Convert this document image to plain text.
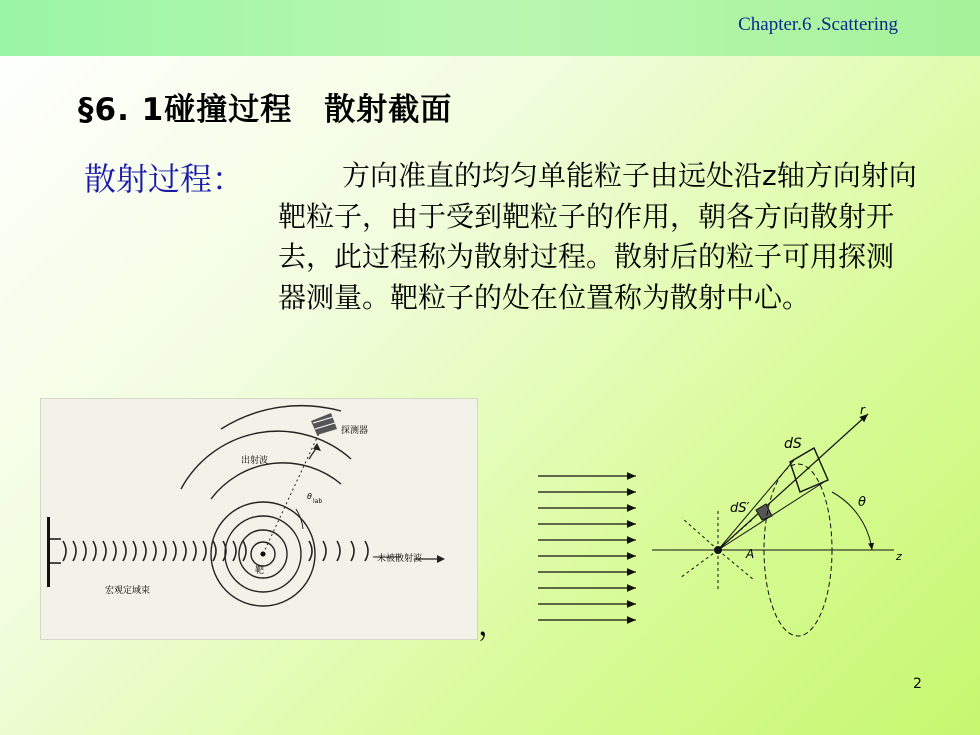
Chapter.6 .Scattering
§6. 1碰撞过程　散射截面
散射过程：	方向准直的均匀单能粒子由远处沿z轴方向射向靶粒子，由于受到靶粒子的作用，朝各方向散射开去，此过程称为散射过程。散射后的粒子可用探测器测量。靶粒子的处在位置称为散射中心。
探测器
出射波
θ
lab
靶
未被散射波
宏观定域束
，
dS
dS′
r
θ
A	z
2
